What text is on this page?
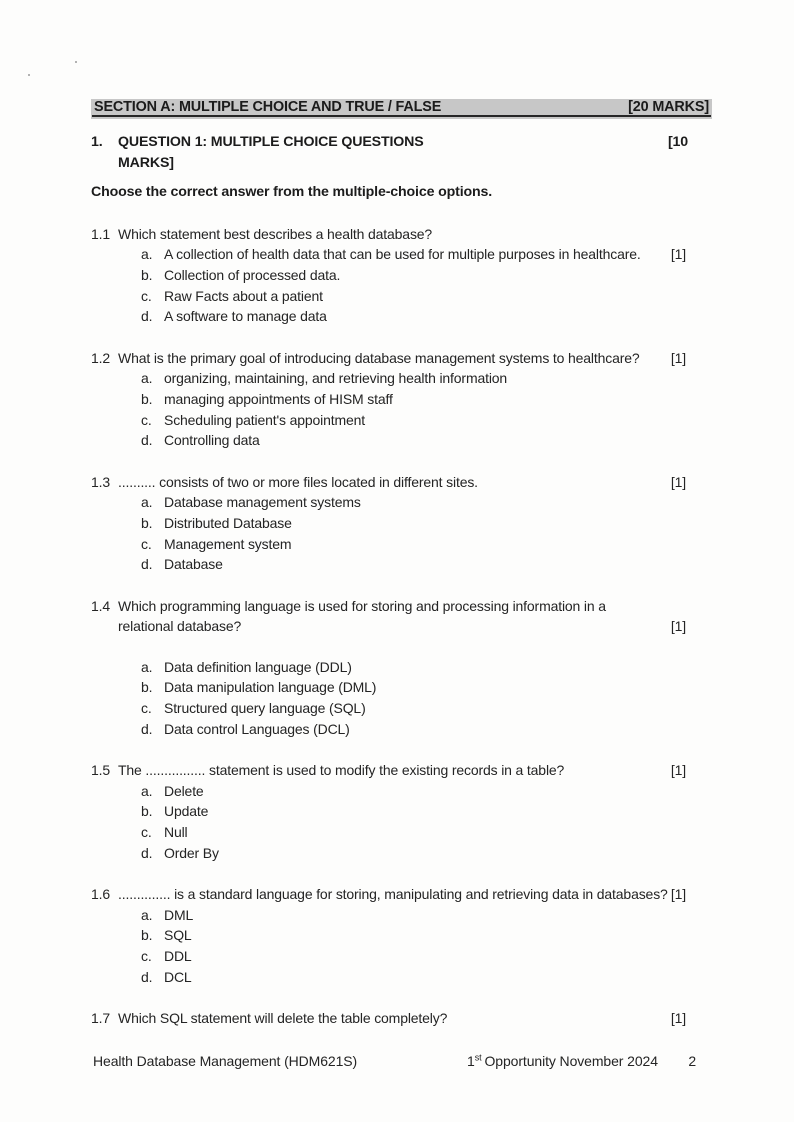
SECTION A: MULTIPLE CHOICE AND TRUE / FALSE	[20 MARKS]
1. QUESTION 1: MULTIPLE CHOICE QUESTIONS	[10
MARKS]
Choose the correct answer from the multiple-choice options.
1.1 Which statement best describes a health database?
[1]
a. A collection of health data that can be used for multiple purposes in healthcare.
b. Collection of processed data.
c. Raw Facts about a patient
d. A software to manage data
1.2 What is the primary goal of introducing database management systems to healthcare? [1]
a. organizing, maintaining, and retrieving health information
b. managing appointments of HISM staff
c. Scheduling patient's appointment
d. Controlling data
1.3 .......... consists of two or more files located in different sites.	[1]
a. Database management systems
b. Distributed Database
c. Management system
d. Database
1.4 Which programming language is used for storing and processing information in a relational database?	[1]
a. Data definition language (DDL)
b. Data manipulation language (DML)
c. Structured query language (SQL)
d. Data control Languages (DCL)
1.5 The ................ statement is used to modify the existing records in a table?	[1]
a. Delete
b. Update
c. Null
d. Order By
1.6 .............. is a standard language for storing, manipulating and retrieving data in databases? [1]
a. DML
b. SQL
c. DDL
d. DCL
1.7 Which SQL statement will delete the table completely?	[1]
Health Database Management (HDM621S)	1st Opportunity November 2024 2
